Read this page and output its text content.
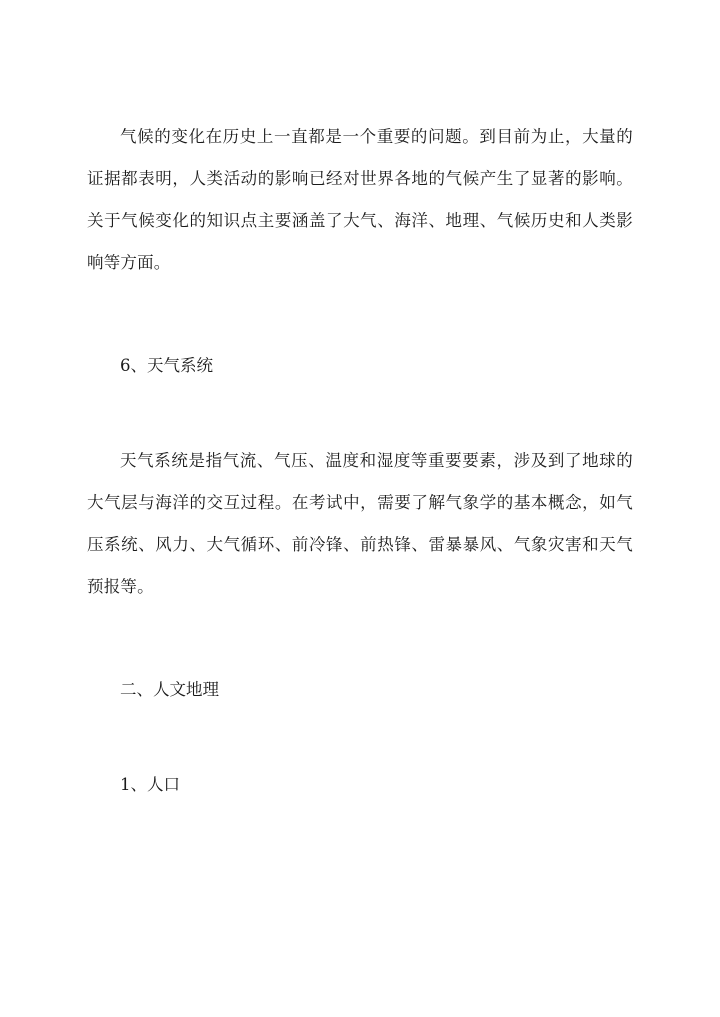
气候的变化在历史上一直都是一个重要的问题。到目前为止，大量的证据都表明，人类活动的影响已经对世界各地的气候产生了显著的影响。关于气候变化的知识点主要涵盖了大气、海洋、地理、气候历史和人类影响等方面。

6、天气系统

天气系统是指气流、气压、温度和湿度等重要要素，涉及到了地球的大气层与海洋的交互过程。在考试中，需要了解气象学的基本概念，如气压系统、风力、大气循环、前冷锋、前热锋、雷暴暴风、气象灾害和天气预报等。

二、人文地理
1、人口
